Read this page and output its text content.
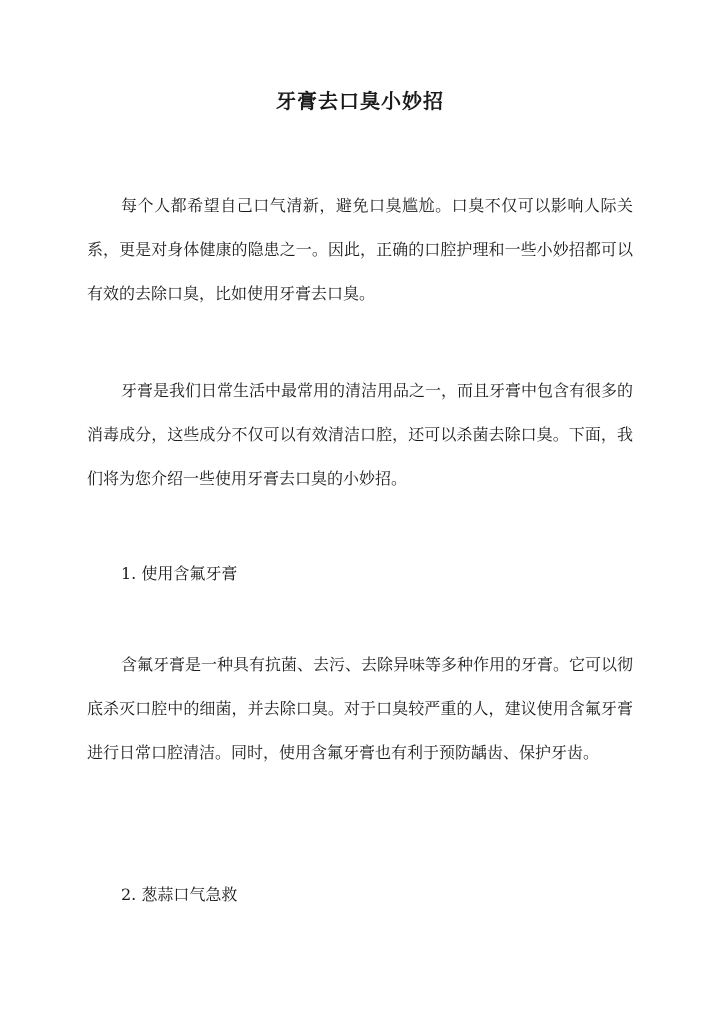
牙膏去口臭小妙招

每个人都希望自己口气清新，避免口臭尴尬。口臭不仅可以影响人际关系，更是对身体健康的隐患之一。因此，正确的口腔护理和一些小妙招都可以有效的去除口臭，比如使用牙膏去口臭。

牙膏是我们日常生活中最常用的清洁用品之一，而且牙膏中包含有很多的消毒成分，这些成分不仅可以有效清洁口腔，还可以杀菌去除口臭。下面，我们将为您介绍一些使用牙膏去口臭的小妙招。

1. 使用含氟牙膏

含氟牙膏是一种具有抗菌、去污、去除异味等多种作用的牙膏。它可以彻底杀灭口腔中的细菌，并去除口臭。对于口臭较严重的人，建议使用含氟牙膏进行日常口腔清洁。同时，使用含氟牙膏也有利于预防龋齿、保护牙齿。

2. 葱蒜口气急救
